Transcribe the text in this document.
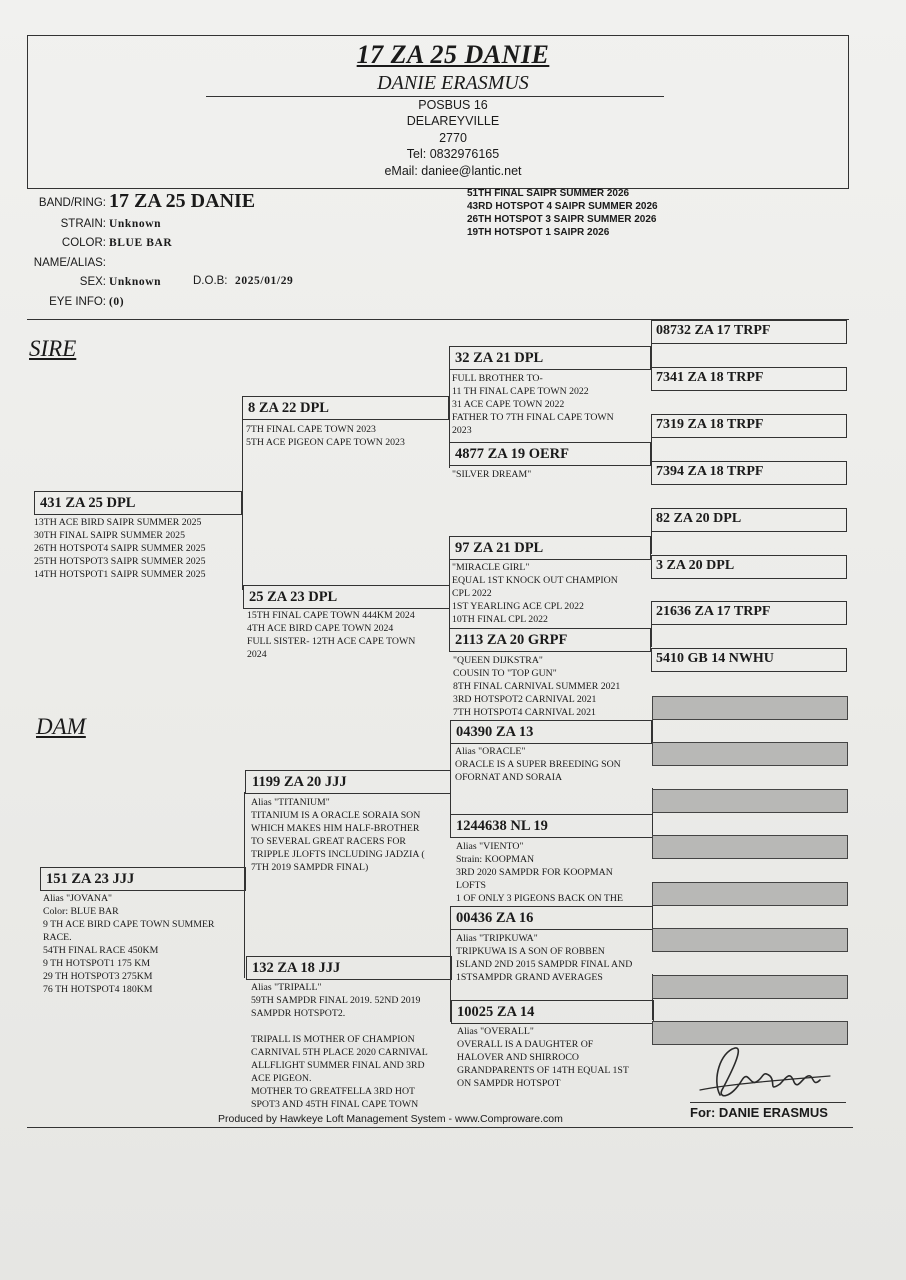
17 ZA 25 DANIE
DANIE ERASMUS
POSBUS 16
DELAREYVILLE
2770
Tel: 0832976165
eMail: daniee@lantic.net
BAND/RING: 17 ZA 25 DANIE
STRAIN: Unknown
COLOR: BLUE BAR
NAME/ALIAS:
SEX: Unknown	D.O.B: 2025/01/29
EYE INFO: (0)
51TH FINAL SAIPR SUMMER 2026
43RD HOTSPOT 4 SAIPR SUMMER 2026
26TH HOTSPOT 3 SAIPR SUMMER 2026
19TH HOTSPOT 1 SAIPR 2026
SIRE
DAM
431 ZA 25 DPL
13TH ACE BIRD SAIPR SUMMER 2025
30TH FINAL SAIPR SUMMER 2025
26TH HOTSPOT4 SAIPR SUMMER 2025
25TH HOTSPOT3 SAIPR SUMMER 2025
14TH HOTSPOT1 SAIPR SUMMER 2025
151 ZA 23 JJJ
Alias "JOVANA"
Color: BLUE BAR
9 TH ACE BIRD CAPE TOWN SUMMER
RACE.
54TH FINAL RACE 450KM
9 TH HOTSPOT1 175 KM
29 TH HOTSPOT3 275KM
76 TH HOTSPOT4 180KM
8 ZA 22 DPL
7TH FINAL CAPE TOWN 2023
5TH ACE PIGEON CAPE TOWN 2023
25 ZA 23 DPL
15TH FINAL CAPE TOWN 444KM 2024
4TH ACE BIRD CAPE TOWN 2024
FULL SISTER- 12TH ACE CAPE TOWN
2024
1199 ZA 20 JJJ
Alias "TITANIUM"
TITANIUM IS A ORACLE SORAIA SON
WHICH MAKES HIM HALF-BROTHER
TO SEVERAL GREAT RACERS FOR
TRIPPLE JLOFTS INCLUDING JADZIA (
7TH 2019 SAMPDR FINAL)
132 ZA 18 JJJ
Alias "TRIPALL"
59TH SAMPDR FINAL 2019. 52ND 2019
SAMPDR HOTSPOT2.

TRIPALL IS MOTHER OF CHAMPION
CARNIVAL 5TH PLACE 2020 CARNIVAL
ALLFLIGHT SUMMER FINAL AND 3RD
ACE PIGEON.
MOTHER TO GREATFELLA 3RD HOT
SPOT3 AND 45TH FINAL CAPE TOWN
32 ZA 21 DPL
FULL BROTHER TO-
11 TH FINAL CAPE TOWN 2022
31 ACE CAPE TOWN 2022
FATHER TO 7TH FINAL CAPE TOWN
2023
4877 ZA 19 OERF
"SILVER DREAM"
97 ZA 21 DPL
"MIRACLE GIRL"
EQUAL 1ST KNOCK OUT CHAMPION
CPL 2022
1ST YEARLING ACE CPL 2022
10TH FINAL CPL 2022
2113 ZA 20 GRPF
"QUEEN DIJKSTRA"
COUSIN TO "TOP GUN"
8TH FINAL CARNIVAL SUMMER 2021
3RD HOTSPOT2 CARNIVAL 2021
7TH HOTSPOT4 CARNIVAL 2021
04390 ZA 13
Alias "ORACLE"
ORACLE IS A SUPER BREEDING SON
OFORNAT AND SORAIA
1244638 NL 19
Alias "VIENTO"
Strain: KOOPMAN
3RD 2020 SAMPDR FOR KOOPMAN
LOFTS
1 OF ONLY 3 PIGEONS BACK ON THE
00436 ZA 16
Alias "TRIPKUWA"
TRIPKUWA IS A SON OF ROBBEN
ISLAND 2ND 2015 SAMPDR FINAL AND
1STSAMPDR GRAND AVERAGES
10025 ZA 14
Alias "OVERALL"
OVERALL IS A DAUGHTER OF
HALOVER AND SHIRROCO
GRANDPARENTS OF 14TH EQUAL 1ST
ON SAMPDR HOTSPOT
08732 ZA 17 TRPF
7341 ZA 18 TRPF
7319 ZA 18 TRPF
7394 ZA 18 TRPF
82 ZA 20 DPL
3 ZA 20 DPL
21636 ZA 17 TRPF
5410 GB 14 NWHU
For: DANIE ERASMUS
Produced by Hawkeye Loft Management System - www.Comproware.com
